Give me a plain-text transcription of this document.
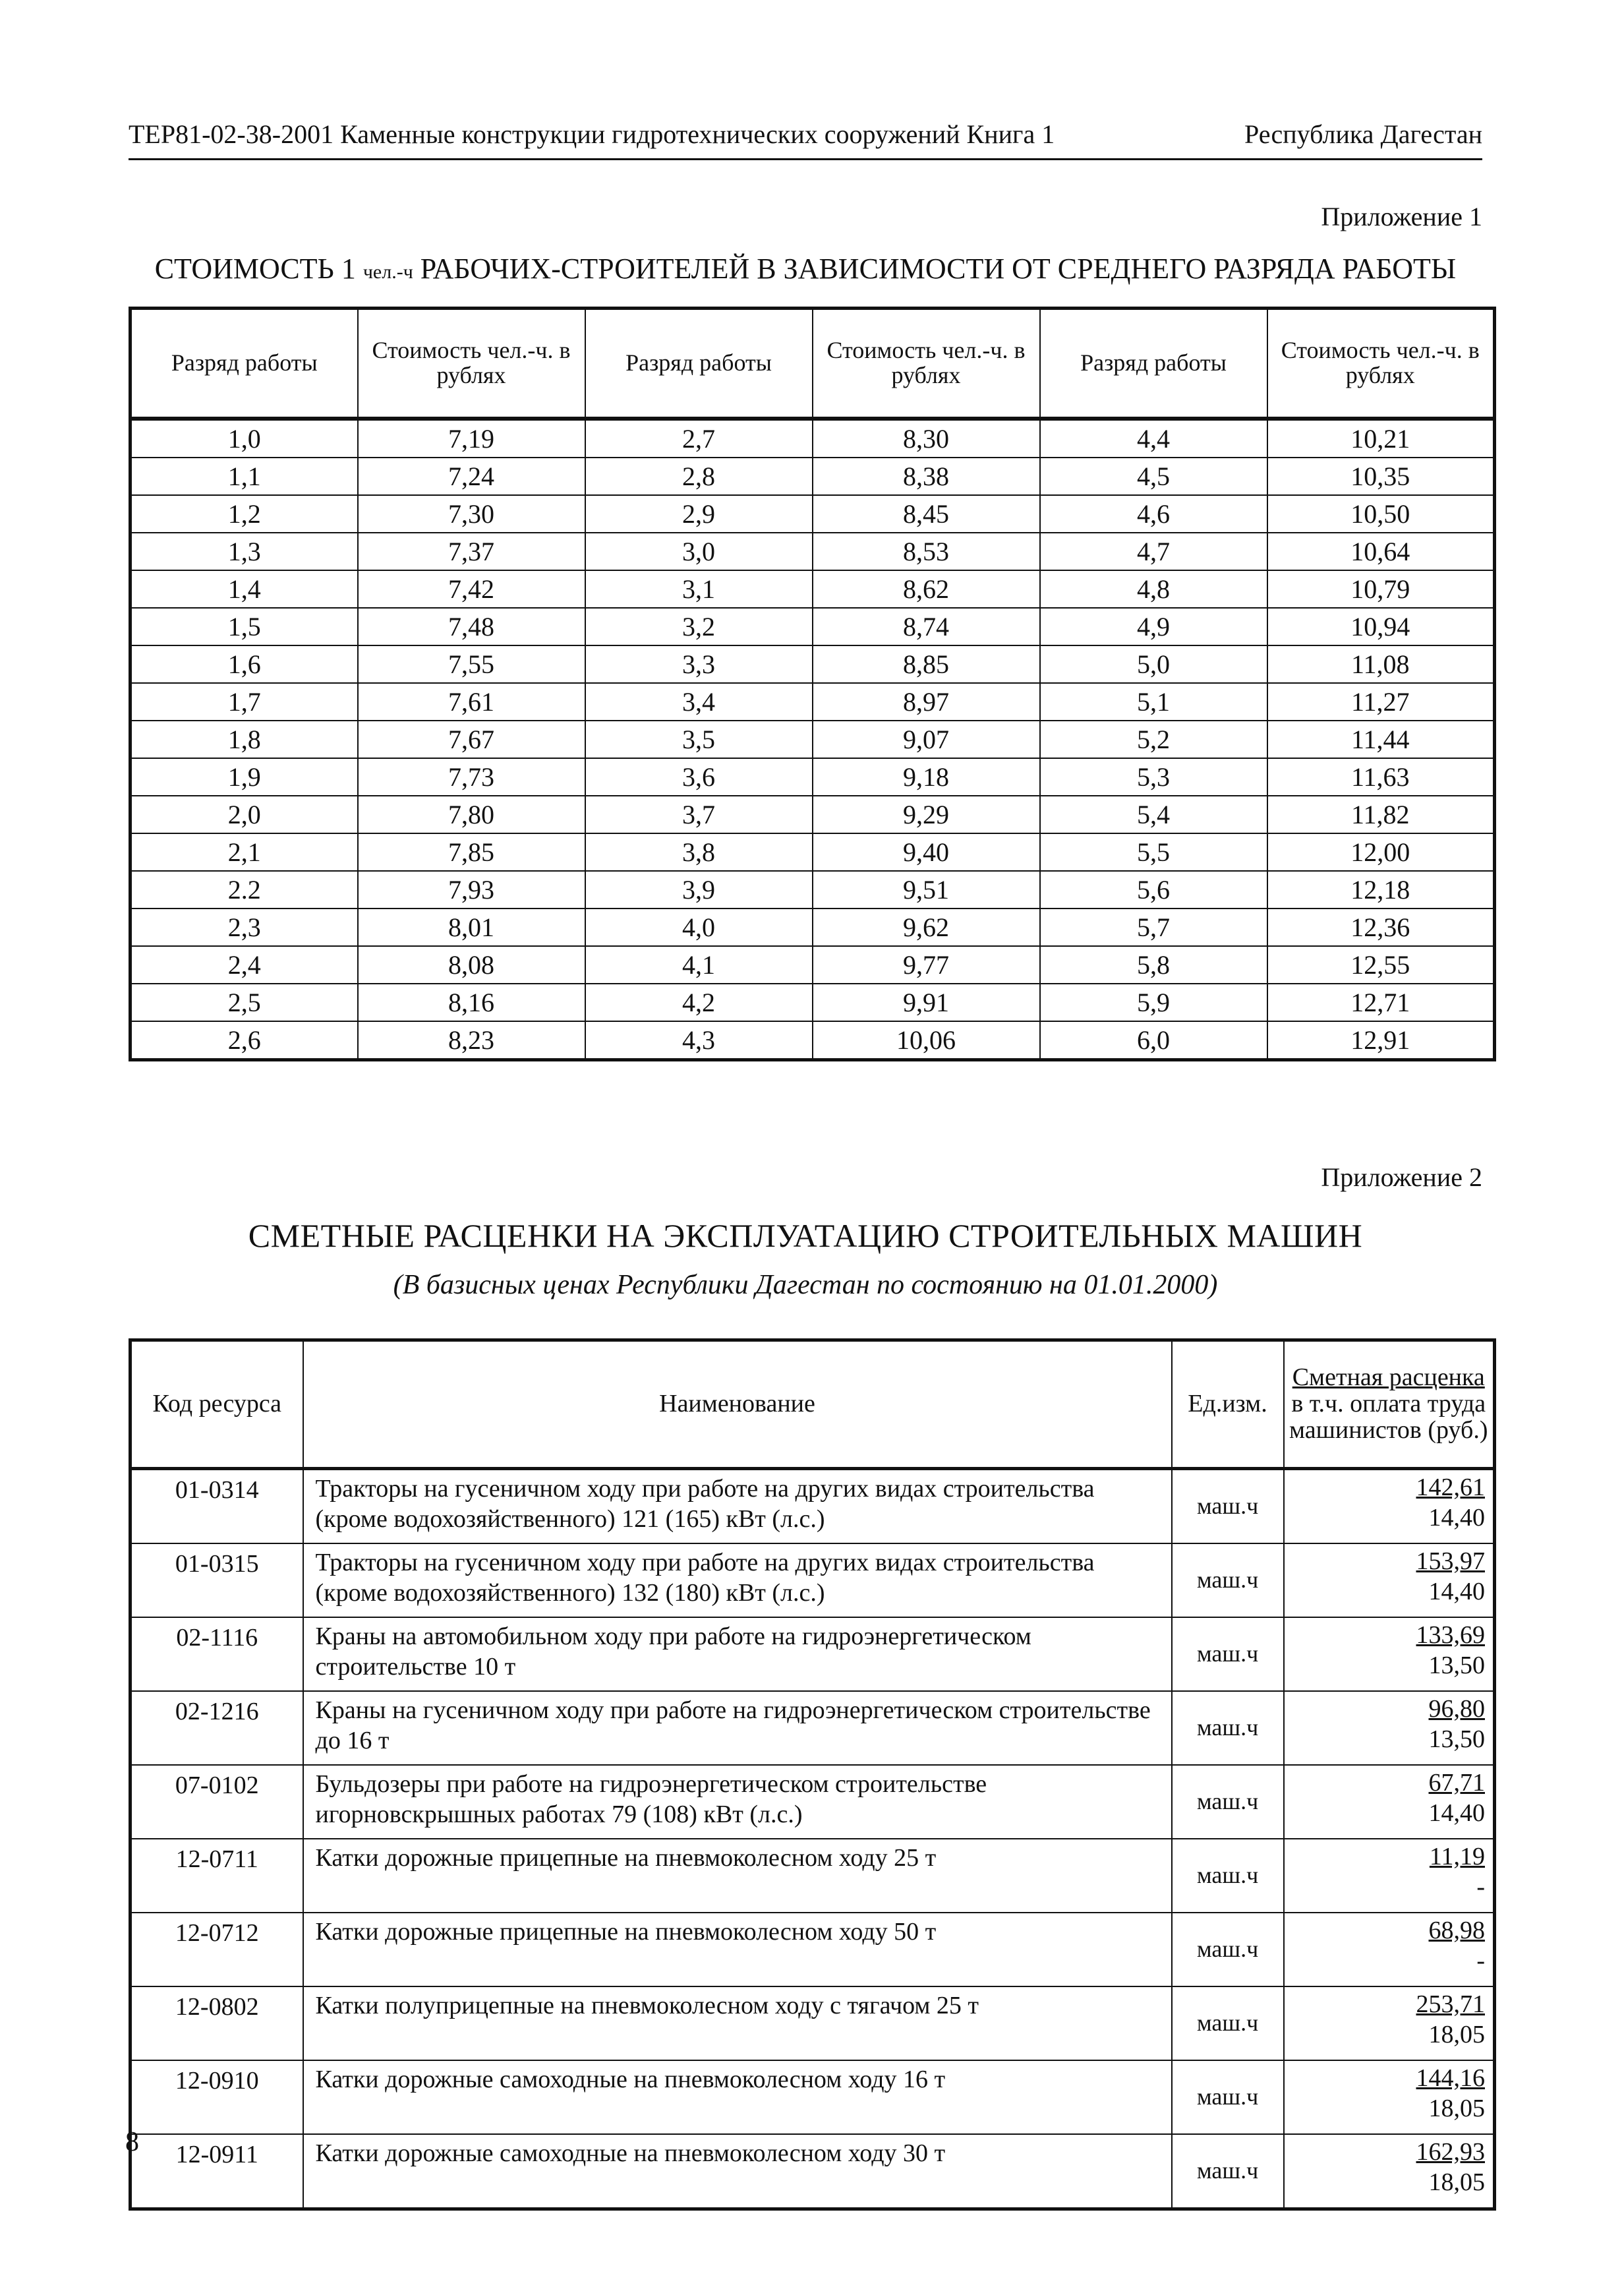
ТЕР81-02-38-2001 Каменные конструкции гидротехнических сооружений Книга 1	Республика Дагестан
Приложение 1
СТОИМОСТЬ 1 чел.-ч РАБОЧИХ-СТРОИТЕЛЕЙ В ЗАВИСИМОСТИ ОТ СРЕДНЕГО РАЗРЯДА РАБОТЫ
Разряд работы	Стоимость чел.-ч. в рублях	Разряд работы	Стоимость чел.-ч. в рублях	Разряд работы	Стоимость чел.-ч. в рублях
1,0	7,19	2,7	8,30	4,4	10,21
1,1	7,24	2,8	8,38	4,5	10,35
1,2	7,30	2,9	8,45	4,6	10,50
1,3	7,37	3,0	8,53	4,7	10,64
1,4	7,42	3,1	8,62	4,8	10,79
1,5	7,48	3,2	8,74	4,9	10,94
1,6	7,55	3,3	8,85	5,0	11,08
1,7	7,61	3,4	8,97	5,1	11,27
1,8	7,67	3,5	9,07	5,2	11,44
1,9	7,73	3,6	9,18	5,3	11,63
2,0	7,80	3,7	9,29	5,4	11,82
2,1	7,85	3,8	9,40	5,5	12,00
2.2	7,93	3,9	9,51	5,6	12,18
2,3	8,01	4,0	9,62	5,7	12,36
2,4	8,08	4,1	9,77	5,8	12,55
2,5	8,16	4,2	9,91	5,9	12,71
2,6	8,23	4,3	10,06	6,0	12,91
Приложение 2
СМЕТНЫЕ РАСЦЕНКИ НА ЭКСПЛУАТАЦИЮ СТРОИТЕЛЬНЫХ МАШИН
(В базисных ценах Республики Дагестан по состоянию на 01.01.2000)
Код ресурса	Наименование	Ед.изм.	Сметная расценка
в т.ч. оплата труда машинистов (руб.)
01-0314	Тракторы на гусеничном ходу при работе на других видах строительства (кроме водохозяйственного) 121 (165) кВт (л.с.)	маш.ч	142,61
14,40

01-0315	Тракторы на гусеничном ходу при работе на других видах строительства (кроме водохозяйственного) 132 (180) кВт (л.с.)	маш.ч	153,97
14,40

02-1116	Краны на автомобильном ходу при работе на гидроэнергетическом строительстве 10 т	маш.ч	133,69
13,50

02-1216	Краны на гусеничном ходу при работе на гидроэнергетическом строительстве до 16 т	маш.ч	96,80
13,50

07-0102	Бульдозеры при работе на гидроэнергетическом строительстве игорновскрышных работах 79 (108) кВт (л.с.)	маш.ч	67,71
14,40

12-0711	Катки дорожные прицепные на пневмоколесном ходу 25 т	маш.ч	11,19
-

12-0712	Катки дорожные прицепные на пневмоколесном ходу 50 т	маш.ч	68,98
-

12-0802	Катки полуприцепные на пневмоколесном ходу с тягачом 25 т	маш.ч	253,71
18,05

12-0910	Катки дорожные самоходные на пневмоколесном ходу 16 т	маш.ч	144,16
18,05

12-0911	Катки дорожные самоходные на пневмоколесном ходу 30 т	маш.ч	162,93
18,05
8
